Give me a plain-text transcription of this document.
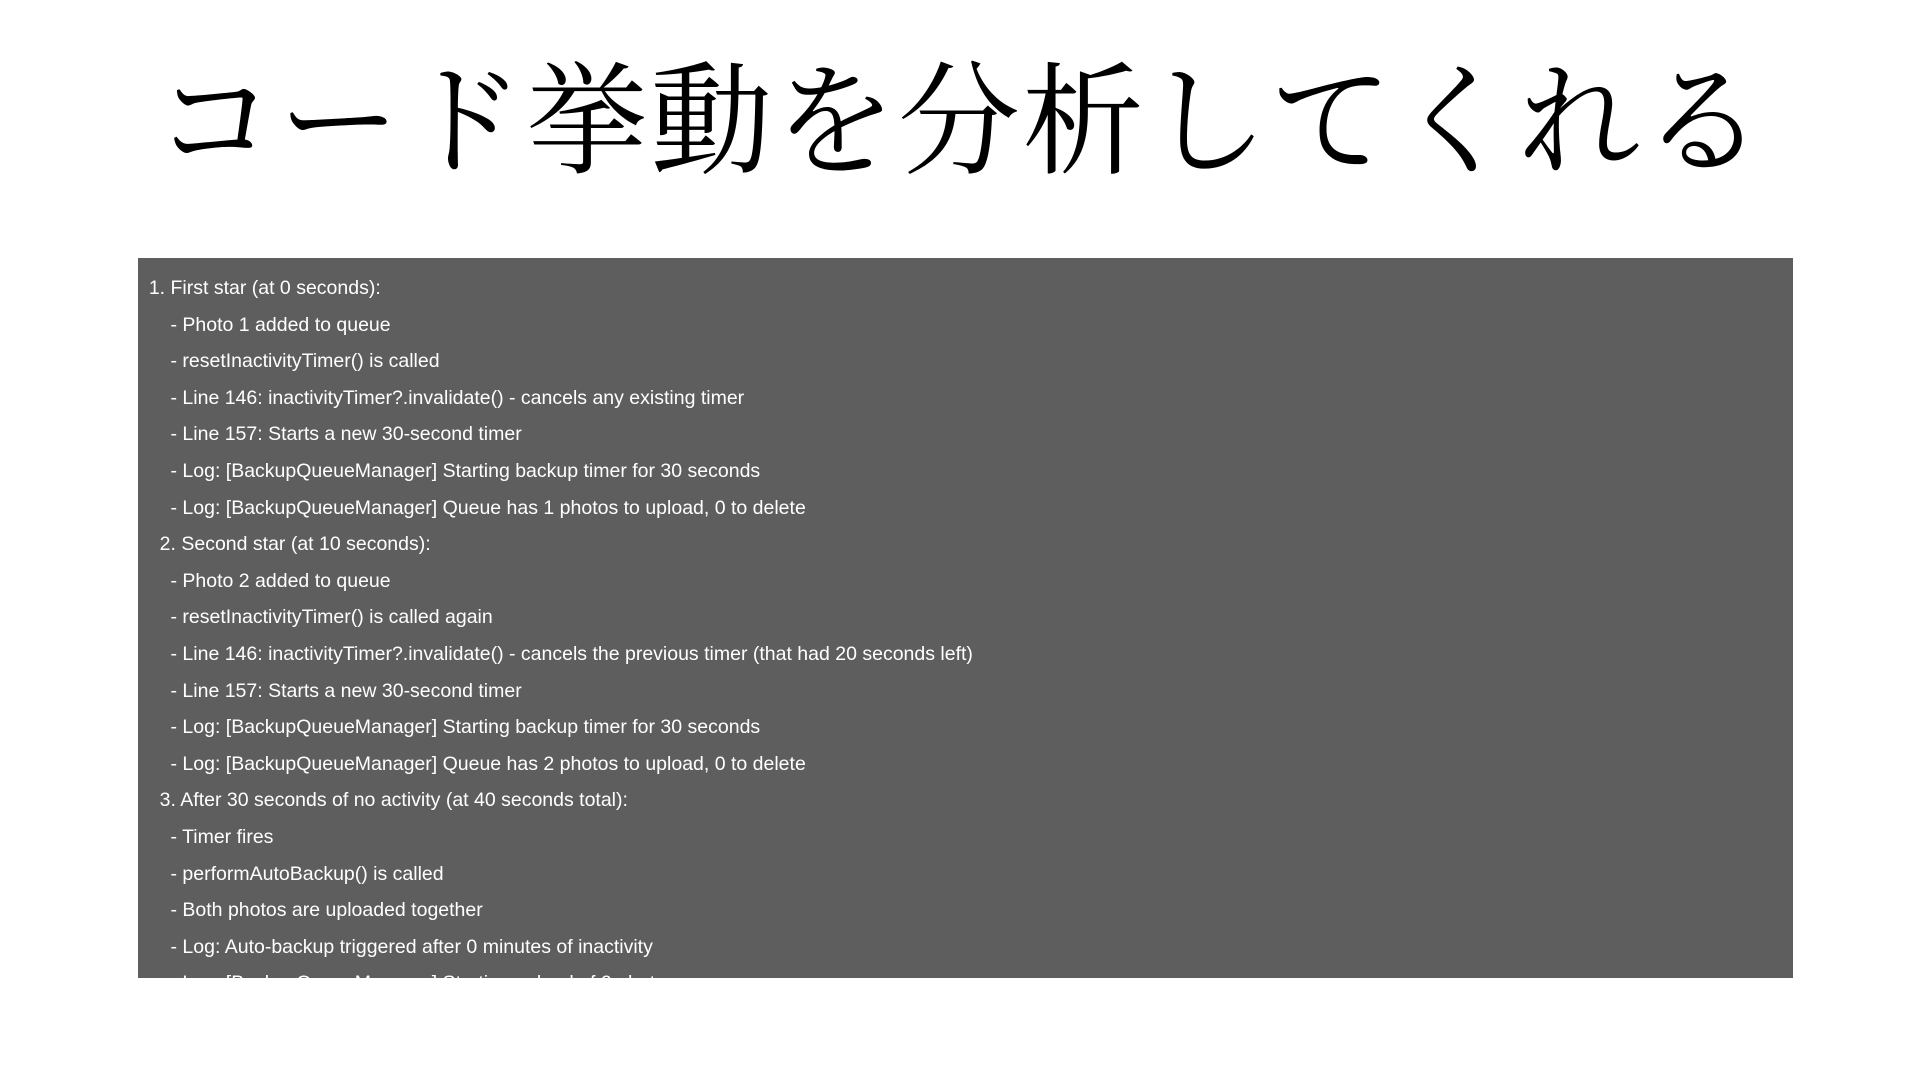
コード挙動を分析してくれる
1. First star (at 0 seconds):
- Photo 1 added to queue
- resetInactivityTimer() is called
- Line 146: inactivityTimer?.invalidate() - cancels any existing timer
- Line 157: Starts a new 30-second timer
- Log: [BackupQueueManager] Starting backup timer for 30 seconds
- Log: [BackupQueueManager] Queue has 1 photos to upload, 0 to delete
2. Second star (at 10 seconds):
- Photo 2 added to queue
- resetInactivityTimer() is called again
- Line 146: inactivityTimer?.invalidate() - cancels the previous timer (that had 20 seconds left)
- Line 157: Starts a new 30-second timer
- Log: [BackupQueueManager] Starting backup timer for 30 seconds
- Log: [BackupQueueManager] Queue has 2 photos to upload, 0 to delete
3. After 30 seconds of no activity (at 40 seconds total):
- Timer fires
- performAutoBackup() is called
- Both photos are uploaded together
- Log: Auto-backup triggered after 0 minutes of inactivity
- Log: [BackupQueueManager] Starting upload of 2 photos
